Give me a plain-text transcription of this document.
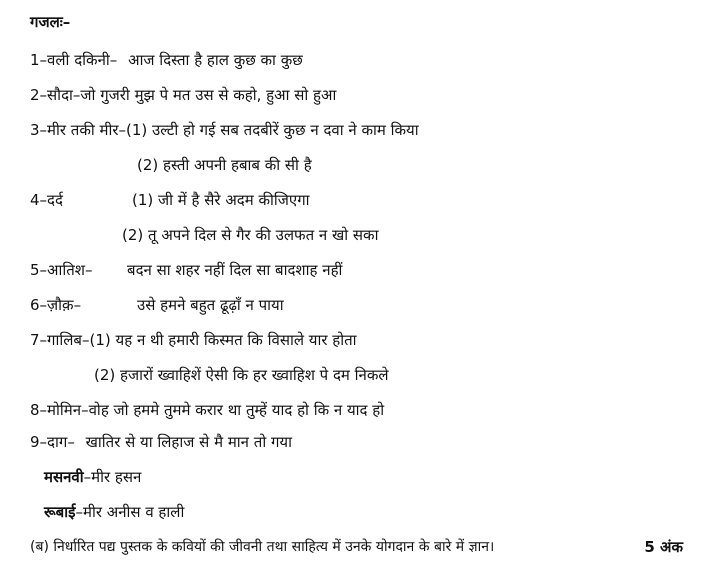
गजलः–
1–वली दकिनी– आज दिस्ता है हाल कुछ का कुछ
2–सौदा–जो गुजरी मुझ पे मत उस से कहो, हुआ सो हुआ
3–मीर तकी मीर–(1) उल्टी हो गई सब तदबीरें कुछ न दवा ने काम किया
(2) हस्ती अपनी हबाब की सी है
4–दर्द	(1) जी में है सैरे अदम कीजिएगा
(2) तू अपने दिल से गैर की उलफत न खो सका
5–आतिश– बदन सा शहर नहीं दिल सा बादशाह नहीं
6–ज़ौक़–	उसे हमने बहुत ढूढ़ाँ न पाया
7–गालिब–(1) यह न थी हमारी किस्मत कि विसाले यार होता
(2) हजारों ख्वाहिशें ऐसी कि हर ख्वाहिश पे दम निकले
8–मोमिन–वोह जो हममे तुममे करार था तुम्हें याद हो कि न याद हो
9–दाग– खातिर से या लिहाज से मै मान तो गया
मसनवी–मीर हसन
रूबाई–मीर अनीस व हाली
(ब) निर्धारित पद्य पुस्तक के कवियों की जीवनी तथा साहित्य में उनके योगदान के बारे में ज्ञान।	5 अंक
